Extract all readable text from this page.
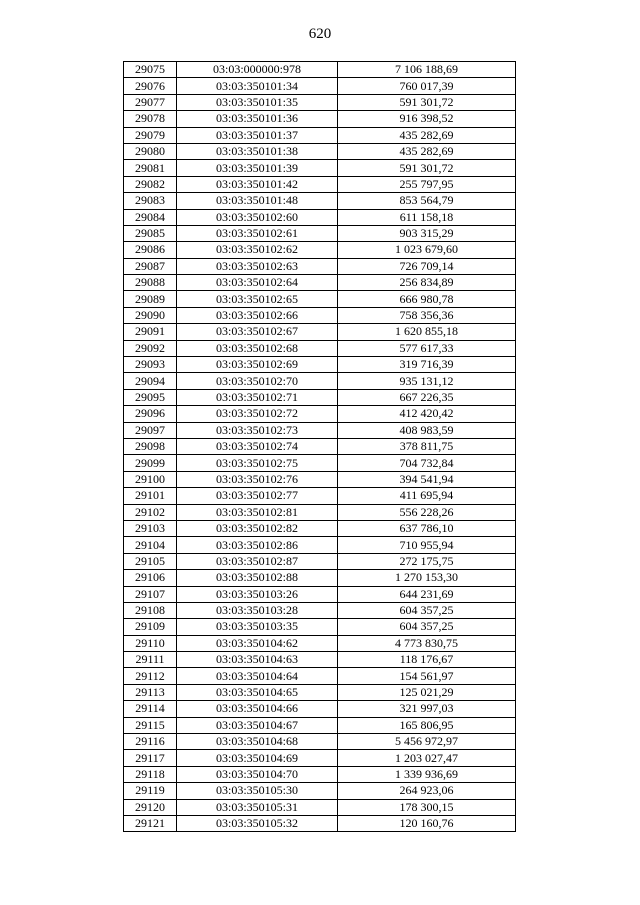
620
29075	03:03:000000:978	7 106 188,69
29076	03:03:350101:34	760 017,39
29077	03:03:350101:35	591 301,72
29078	03:03:350101:36	916 398,52
29079	03:03:350101:37	435 282,69
29080	03:03:350101:38	435 282,69
29081	03:03:350101:39	591 301,72
29082	03:03:350101:42	255 797,95
29083	03:03:350101:48	853 564,79
29084	03:03:350102:60	611 158,18
29085	03:03:350102:61	903 315,29
29086	03:03:350102:62	1 023 679,60
29087	03:03:350102:63	726 709,14
29088	03:03:350102:64	256 834,89
29089	03:03:350102:65	666 980,78
29090	03:03:350102:66	758 356,36
29091	03:03:350102:67	1 620 855,18
29092	03:03:350102:68	577 617,33
29093	03:03:350102:69	319 716,39
29094	03:03:350102:70	935 131,12
29095	03:03:350102:71	667 226,35
29096	03:03:350102:72	412 420,42
29097	03:03:350102:73	408 983,59
29098	03:03:350102:74	378 811,75
29099	03:03:350102:75	704 732,84
29100	03:03:350102:76	394 541,94
29101	03:03:350102:77	411 695,94
29102	03:03:350102:81	556 228,26
29103	03:03:350102:82	637 786,10
29104	03:03:350102:86	710 955,94
29105	03:03:350102:87	272 175,75
29106	03:03:350102:88	1 270 153,30
29107	03:03:350103:26	644 231,69
29108	03:03:350103:28	604 357,25
29109	03:03:350103:35	604 357,25
29110	03:03:350104:62	4 773 830,75
29111	03:03:350104:63	118 176,67
29112	03:03:350104:64	154 561,97
29113	03:03:350104:65	125 021,29
29114	03:03:350104:66	321 997,03
29115	03:03:350104:67	165 806,95
29116	03:03:350104:68	5 456 972,97
29117	03:03:350104:69	1 203 027,47
29118	03:03:350104:70	1 339 936,69
29119	03:03:350105:30	264 923,06
29120	03:03:350105:31	178 300,15
29121	03:03:350105:32	120 160,76
